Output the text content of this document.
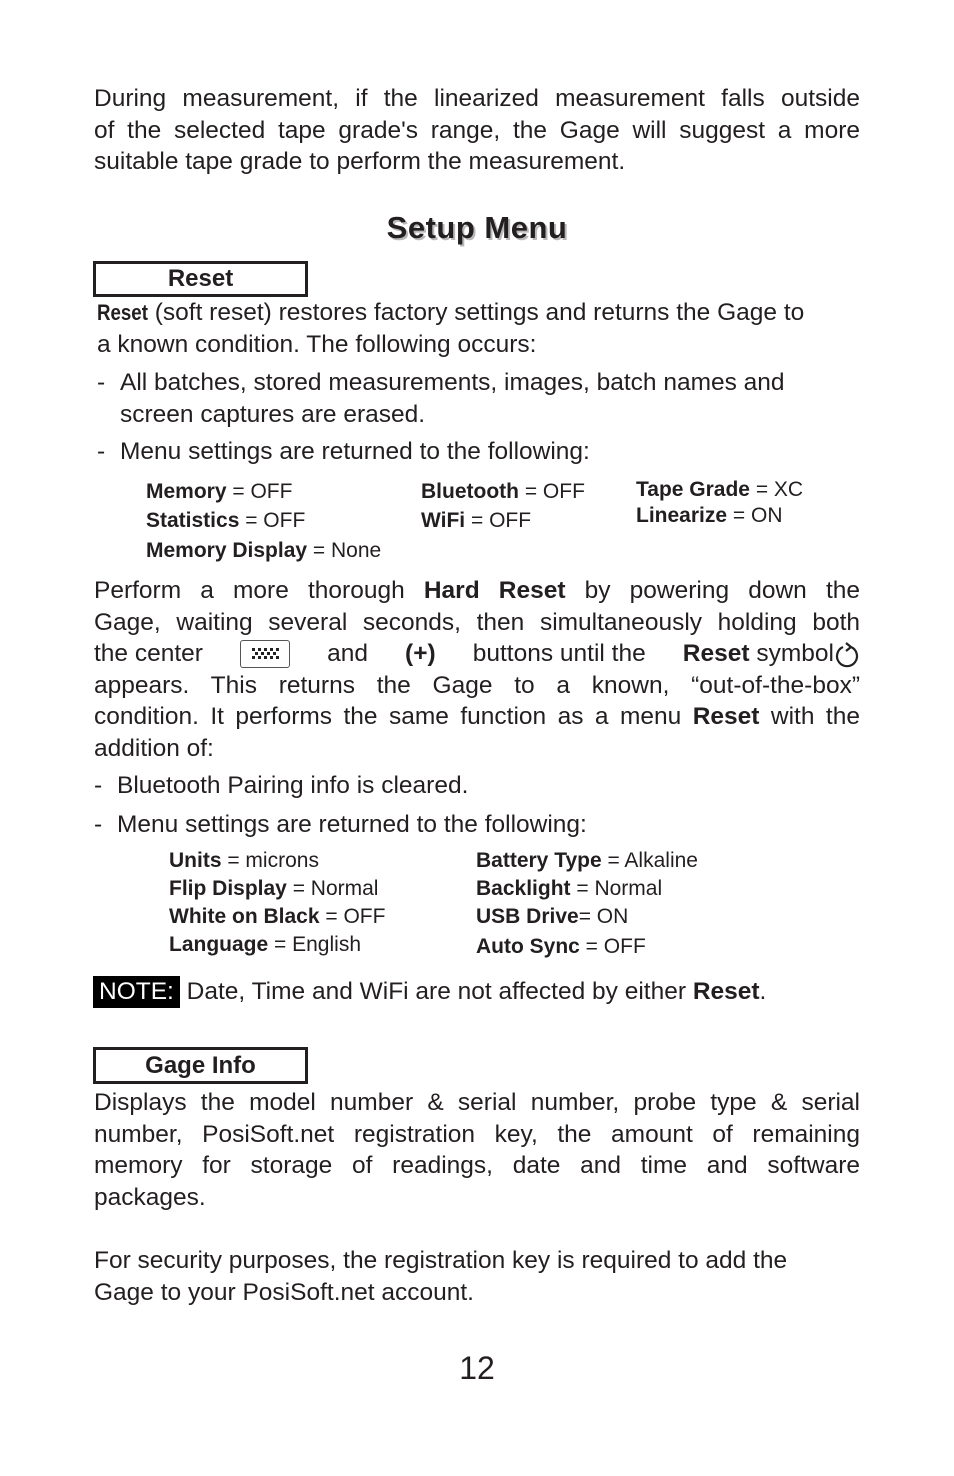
During measurement, if the linearized measurement falls outside
of the selected tape grade's range, the Gage will suggest a more
suitable tape grade to perform the measurement.
Setup Menu
Reset
Reset (soft reset) restores factory settings and returns the Gage to
a known condition. The following occurs:
- All batches, stored measurements, images, batch names and
screen captures are erased.
- Menu settings are returned to the following:
Memory = OFF
Statistics = OFF
Memory Display = None
Bluetooth = OFF
WiFi = OFF
Tape Grade = XC
Linearize = ON
Perform a more thorough Hard Reset by powering down the
Gage, waiting several seconds, then simultaneously holding both
the center	and (+) buttons until the Reset symbol
appears. This returns the Gage to a known, “out-of-the-box”
condition. It performs the same function as a menu Reset with the
addition of:
- Bluetooth Pairing info is cleared.
- Menu settings are returned to the following:
Units = microns
Flip Display = Normal
White on Black = OFF
Language = English
Battery Type = Alkaline
Backlight = Normal
USB Drive= ON
Auto Sync = OFF
NOTE: Date, Time and WiFi are not affected by either Reset.
Gage Info
Displays the model number & serial number, probe type & serial
number, PosiSoft.net registration key, the amount of remaining
memory for storage of readings, date and time and software
packages.
For security purposes, the registration key is required to add the
Gage to your PosiSoft.net account.
12
